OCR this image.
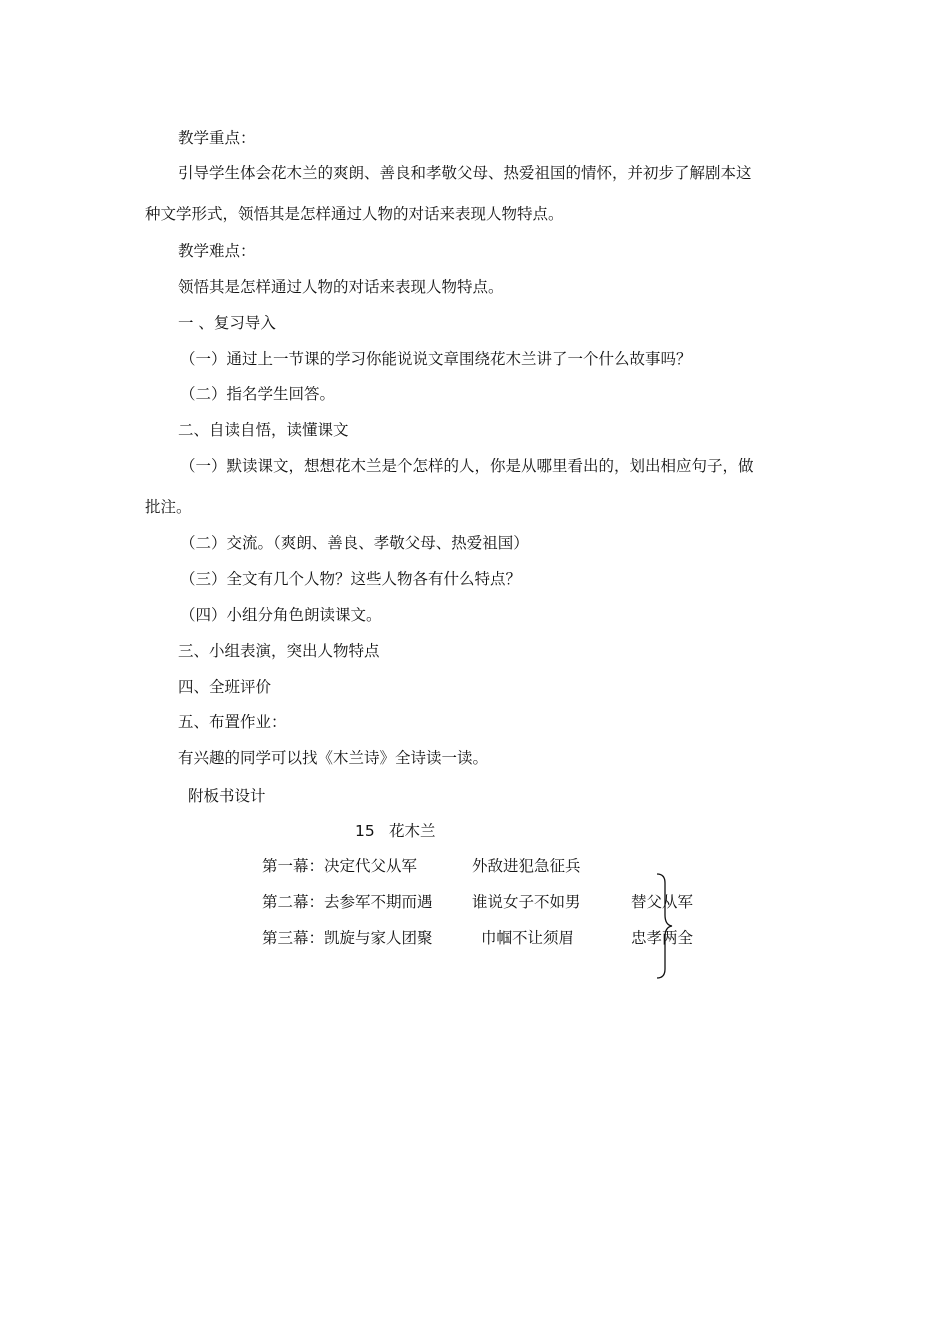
教学重点：
引导学生体会花木兰的爽朗、善良和孝敬父母、热爱祖国的情怀，并初步了解剧本这
种文学形式，领悟其是怎样通过人物的对话来表现人物特点。
教学难点：
领悟其是怎样通过人物的对话来表现人物特点。
一 、复习导入
（一）通过上一节课的学习你能说说文章围绕花木兰讲了一个什么故事吗？
（二）指名学生回答。
二、自读自悟，读懂课文
（一）默读课文，想想花木兰是个怎样的人，你是从哪里看出的，划出相应句子，做
批注。
（二）交流。（爽朗、善良、孝敬父母、热爱祖国）
（三）全文有几个人物？这些人物各有什么特点？
（四）小组分角色朗读课文。
三、小组表演，突出人物特点
四、全班评价
五、布置作业：
有兴趣的同学可以找《木兰诗》全诗读一读。
附板书设计
15 花木兰
第一幕：决定代父从军	外敌进犯急征兵
第二幕：去参军不期而遇	谁说女子不如男	替父从军
第三幕：凯旋与家人团聚	巾帼不让须眉	忠孝两全
